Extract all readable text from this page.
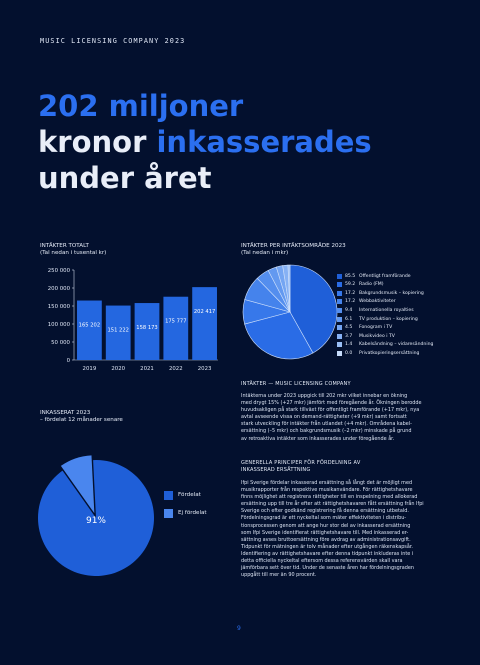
MUSIC LICENSING COMPANY 2023
202 miljoner
kronor inkasserades
under året
INTÄKTER TOTALT
(Tal nedan i tusental kr)
250 000
200 000
150 000
100 000
50 000
0
165 202
2019
151 222
2020
158 173
2021
175 777
2022
202 417
2023
INTÄKTER PER INTÄKTSOMRÅDE 2023
(Tal nedan i mkr)
85.5 Offentligt framförande
59.2 Radio (FM)
17.2 Bakgrundsmusik – kopiering
17.2 Webbaktiviteter
9.4	Internationella royalties
6.1	TV produktion – kopiering
4.5	Fonogram i TV
3.7	Musikvideo i TV
1.4	Kabelsändning – vidaresändning
0.0	Privatkopieringsersättning
INTÄKTER — MUSIC LICENSING COMPANY
Intäkterna under 2023 uppgick till 202 mkr vilket innebar en ökning
med drygt 15% (+27 mkr) jämfört med föregående år. Ökningen berodde
huvudsakligen på stark tillväxt för offentligt framförande (+17 mkr), nya
avtal avseende vissa on demand-rättigheter (+9 mkr) samt fortsatt
stark utveckling för intäkter från utlandet (+4 mkr). Områdena kabel-
ersättning (–5 mkr) och bakgrundsmusik (–2 mkr) minskade på grund
av retroaktiva intäkter som inkasserades under föregående år.
INKASSERAT 2023
– fördelat 12 månader senare
91%
Fördelat
Ej fördelat
GENERELLA PRINCIPER FÖR FÖRDELNING AV
INKASSERAD ERSÄTTNING
Ifpi Sverige fördelar inkasserad ersättning så långt det är möjligt med
musikrapporter från respektive musikanvändare. För rättighetshavare
finns möjlighet att registrera rättigheter till en inspelning med allokerad
ersättning upp till tre år efter att rättighetshavaren fått ersättning från Ifpi
Sverige och efter godkänd registrering få denna ersättning utbetald.
Fördelningsgrad är ett nyckeltal som mäter effektiviteten i distribu-
tionsprocessen genom att ange hur stor del av inkasserad ersättning
som Ifpi Sverige identifierat rättighetshavare till. Med inkasserad er-
sättning avses bruttoersättning före avdrag av administrationsavgift.
Tidpunkt för mätningen är tolv månader efter utgången räkenskapsår.
Identifiering av rättighetshavare efter denna tidpunkt inkluderas inte i
detta officiella nyckeltal eftersom dessa referensvärden skall vara
jämförbara sett över tid. Under de senaste åren har fördelningsgraden
uppgått till mer än 90 procent.
9
